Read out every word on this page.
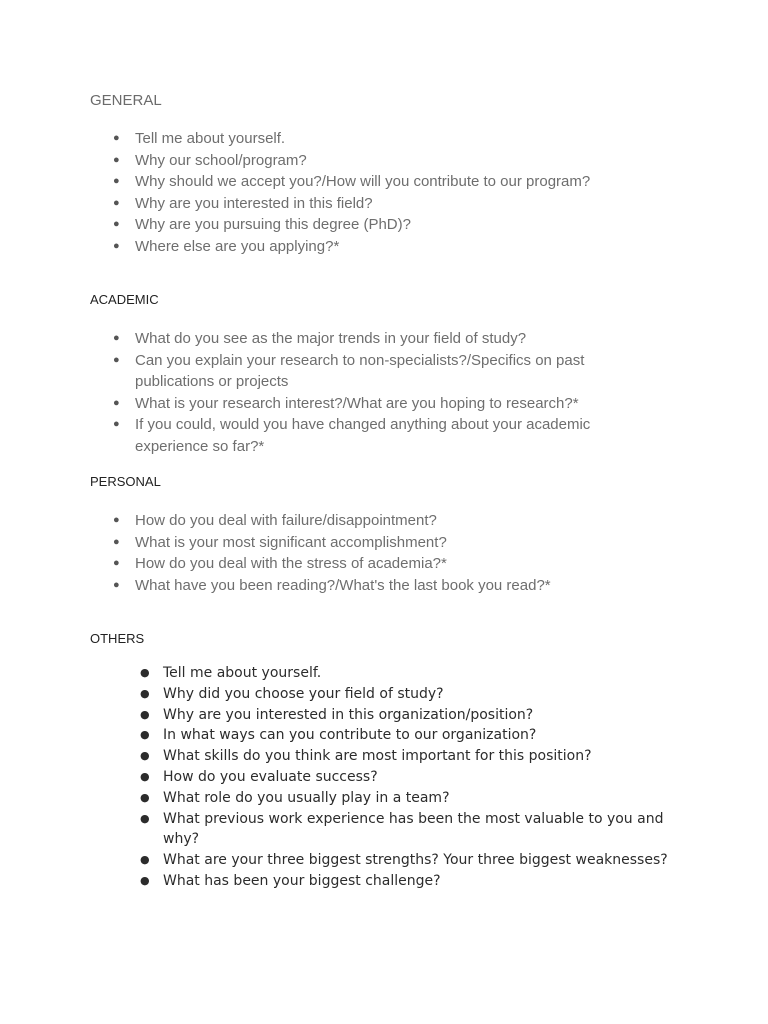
GENERAL
● Tell me about yourself.
● Why our school/program?
● Why should we accept you?/How will you contribute to our program?
● Why are you interested in this field?
● Why are you pursuing this degree (PhD)?
● Where else are you applying?*
ACADEMIC
● What do you see as the major trends in your field of study?
● Can you explain your research to non-specialists?/Specifics on past publications or projects
● What is your research interest?/What are you hoping to research?*
● If you could, would you have changed anything about your academic experience so far?*
PERSONAL
● How do you deal with failure/disappointment?
● What is your most significant accomplishment?
● How do you deal with the stress of academia?*
● What have you been reading?/What's the last book you read?*
OTHERS
● Tell me about yourself.
● Why did you choose your field of study?
● Why are you interested in this organization/position?
● In what ways can you contribute to our organization?
● What skills do you think are most important for this position?
● How do you evaluate success?
● What role do you usually play in a team?
● What previous work experience has been the most valuable to you and why?
● What are your three biggest strengths? Your three biggest weaknesses?
● What has been your biggest challenge?
